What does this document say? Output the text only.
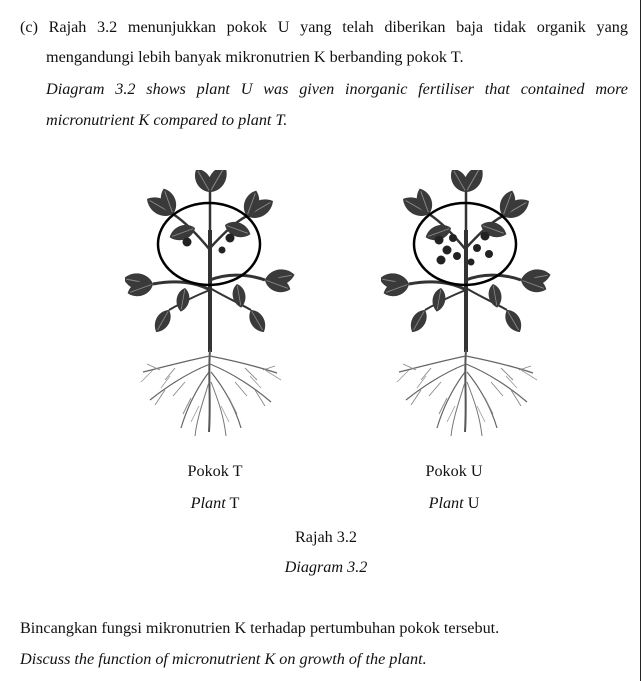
(c) Rajah 3.2 menunjukkan pokok U yang telah diberikan baja tidak organik yang
mengandungi lebih banyak mikronutrien K berbanding pokok T.
Diagram 3.2 shows plant U was given inorganic fertiliser that contained more
micronutrient K compared to plant T.
Pokok T
Plant T
Pokok U
Plant U
Rajah 3.2
Diagram 3.2
Bincangkan fungsi mikronutrien K terhadap pertumbuhan pokok tersebut.
Discuss the function of micronutrient K on growth of the plant.
